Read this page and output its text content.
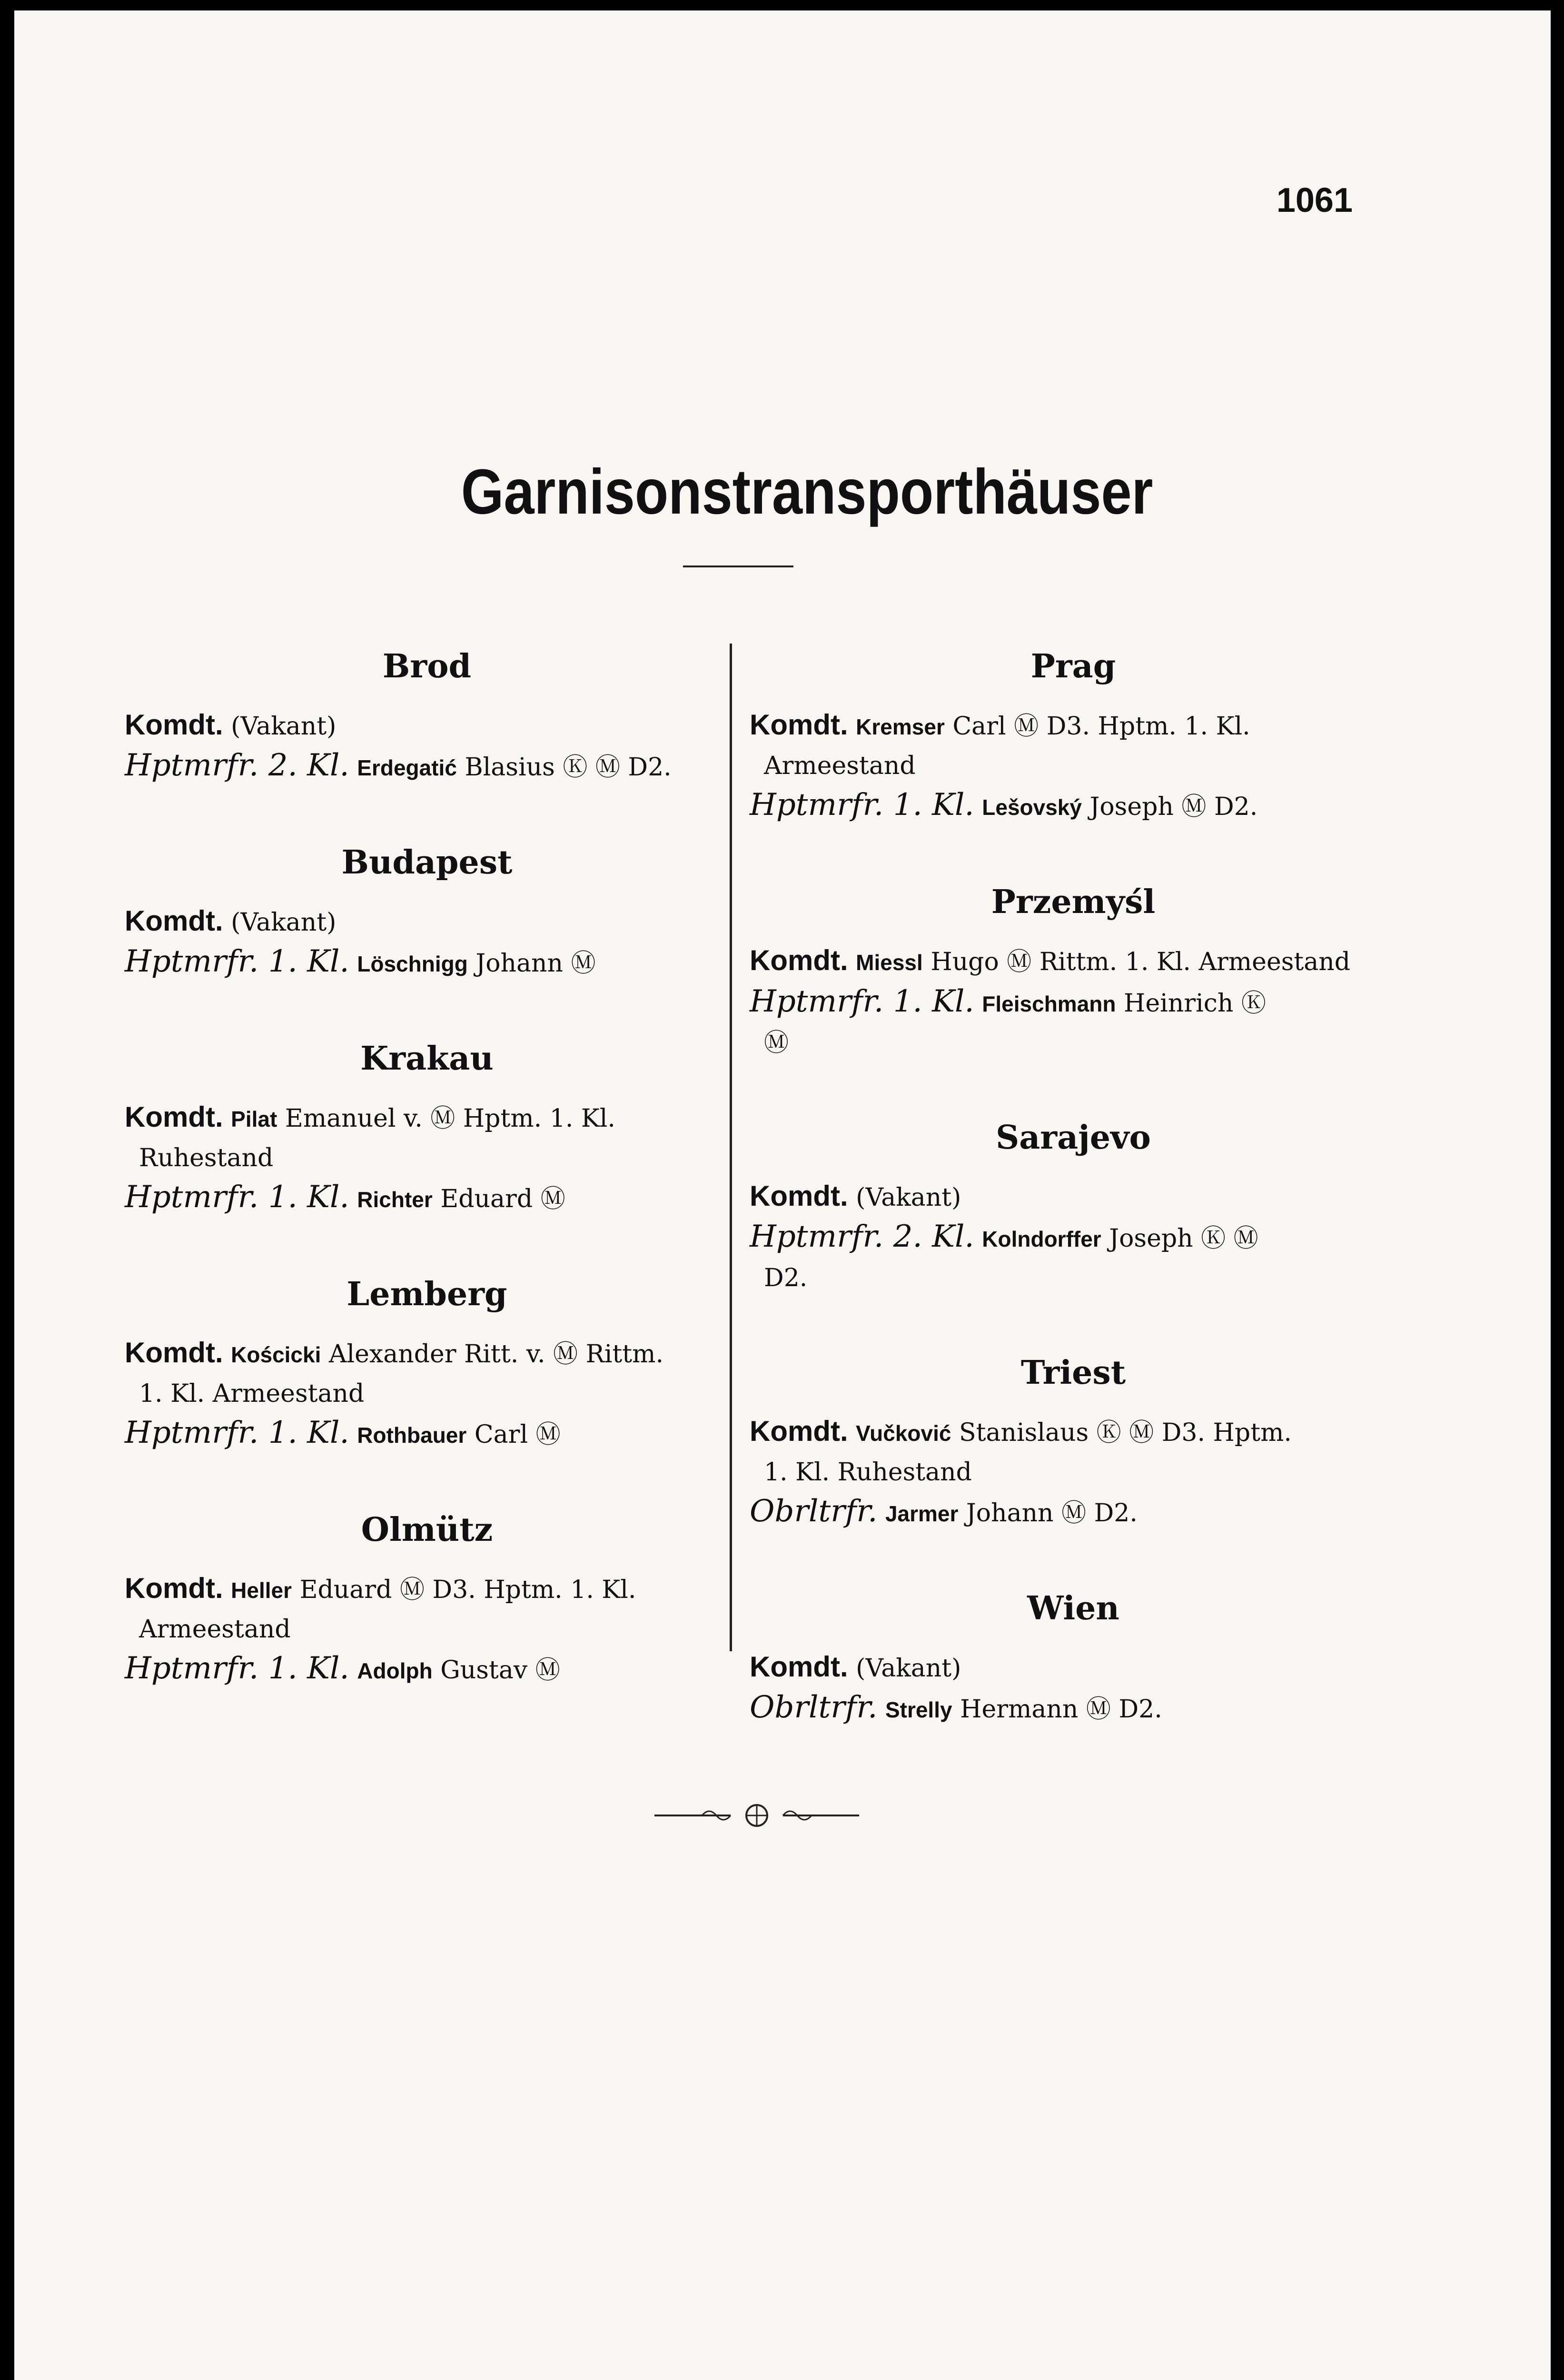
1061
Garnisonstransporthäuser
Brod
Komdt. (Vakant)
Hptmrfr. 2. Kl. Erdegatić Blasius Ⓚ Ⓜ D2.
Budapest
Komdt. (Vakant)
Hptmrfr. 1. Kl. Löschnigg Johann Ⓜ
Krakau
Komdt. Pilat Emanuel v. Ⓜ Hptm. 1. Kl.
Ruhestand
Hptmrfr. 1. Kl. Richter Eduard Ⓜ
Lemberg
Komdt. Kościcki Alexander Ritt. v. Ⓜ Rittm.
1. Kl. Armeestand
Hptmrfr. 1. Kl. Rothbauer Carl Ⓜ
Olmütz
Komdt. Heller Eduard Ⓜ D3. Hptm. 1. Kl.
Armeestand
Hptmrfr. 1. Kl. Adolph Gustav Ⓜ
Prag
Komdt. Kremser Carl Ⓜ D3. Hptm. 1. Kl.
Armeestand
Hptmrfr. 1. Kl. Lešovský Joseph Ⓜ D2.
Przemyśl
Komdt. Miessl Hugo Ⓜ Rittm. 1. Kl. Armeestand
Hptmrfr. 1. Kl. Fleischmann Heinrich Ⓚ
Ⓜ
Sarajevo
Komdt. (Vakant)
Hptmrfr. 2. Kl. Kolndorffer Joseph Ⓚ Ⓜ
D2.
Triest
Komdt. Vučković Stanislaus Ⓚ Ⓜ D3. Hptm.
1. Kl. Ruhestand
Obrltrfr. Jarmer Johann Ⓜ D2.
Wien
Komdt. (Vakant)
Obrltrfr. Strelly Hermann Ⓜ D2.
